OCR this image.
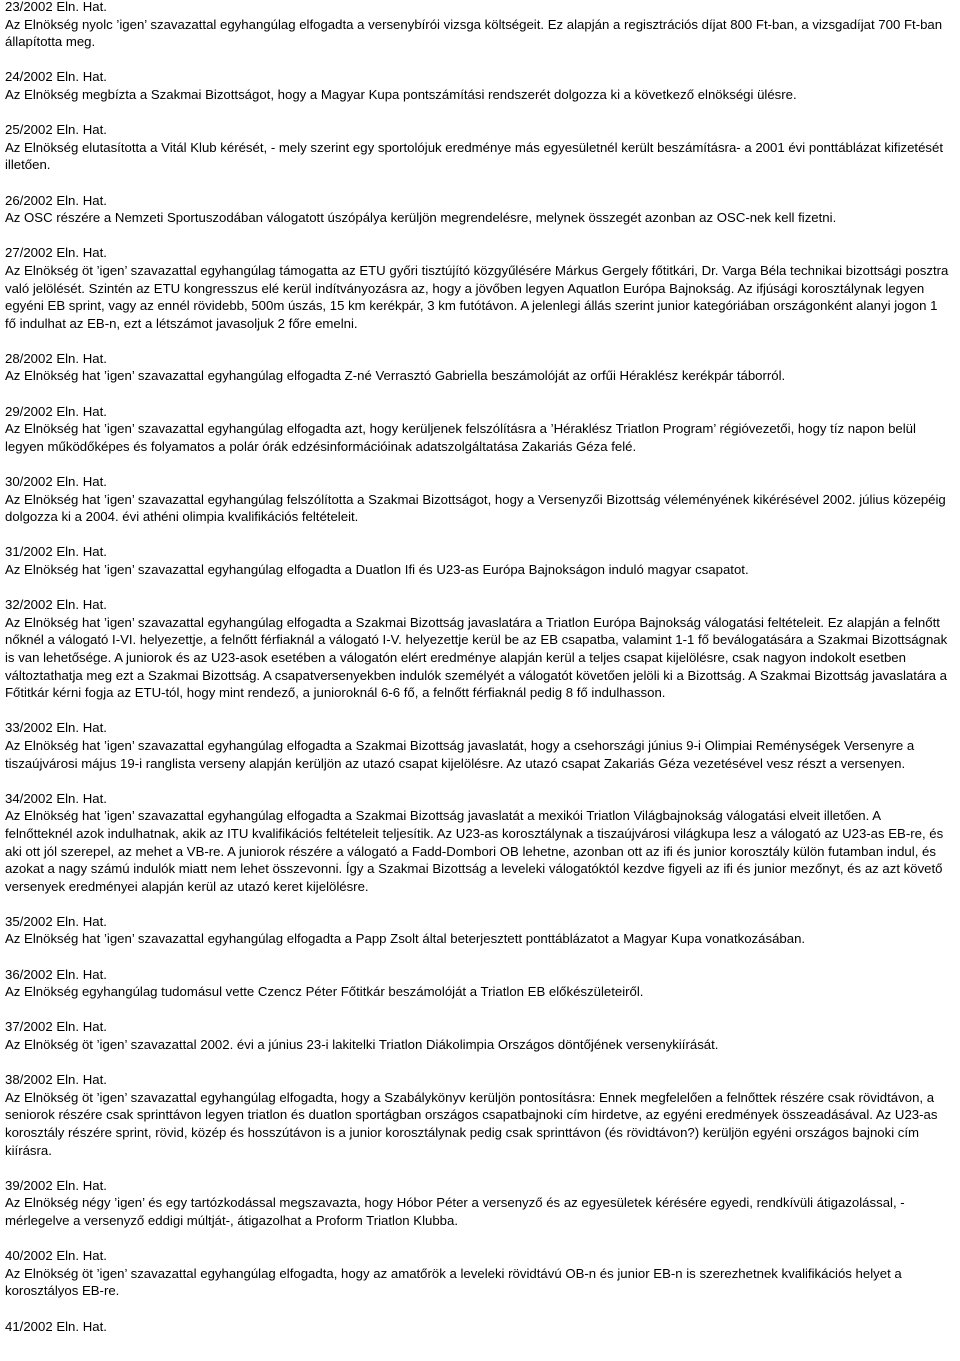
23/2002 Eln. Hat.
Az Elnökség nyolc ’igen’ szavazattal egyhangúlag elfogadta a versenybírói vizsga költségeit. Ez alapján a regisztrációs díjat 800 Ft-ban, a vizsgadíjat 700 Ft-ban állapította meg.
24/2002 Eln. Hat.
Az Elnökség megbízta a Szakmai Bizottságot, hogy a Magyar Kupa pontszámítási rendszerét dolgozza ki a következő elnökségi ülésre.
25/2002 Eln. Hat.
Az Elnökség elutasította a Vitál Klub kérését, - mely szerint egy sportolójuk eredménye más egyesületnél került beszámításra- a 2001 évi ponttáblázat kifizetését illetően.
26/2002 Eln. Hat.
Az OSC részére a Nemzeti Sportuszodában válogatott úszópálya kerüljön megrendelésre, melynek összegét azonban az OSC-nek kell fizetni.
27/2002 Eln. Hat.
Az Elnökség öt ’igen’ szavazattal egyhangúlag támogatta az ETU győri tisztújító közgyűlésére Márkus Gergely főtitkári, Dr. Varga Béla technikai bizottsági posztra való jelölését. Szintén az ETU kongresszus elé kerül indítványozásra az, hogy a jövőben legyen Aquatlon Európa Bajnokság. Az ifjúsági korosztálynak legyen egyéni EB sprint, vagy az ennél rövidebb, 500m úszás, 15 km kerékpár, 3 km futótávon. A jelenlegi állás szerint junior kategóriában országonként alanyi jogon 1 fő indulhat az EB-n, ezt a létszámot javasoljuk 2 főre emelni.
28/2002 Eln. Hat.
Az Elnökség hat ’igen’ szavazattal egyhangúlag elfogadta Z-né Verrasztó Gabriella beszámolóját az orfűi Héraklész kerékpár táborról.
29/2002 Eln. Hat.
Az Elnökség hat ’igen’ szavazattal egyhangúlag elfogadta azt, hogy kerüljenek felszólításra a ’Héraklész Triatlon Program’ régióvezetői, hogy tíz napon belül legyen működőképes és folyamatos a polár órák edzésinformációinak adatszolgáltatása Zakariás Géza felé.
30/2002 Eln. Hat.
Az Elnökség hat ’igen’ szavazattal egyhangúlag felszólította a Szakmai Bizottságot, hogy a Versenyzői Bizottság véleményének kikérésével 2002. július közepéig dolgozza ki a 2004. évi athéni olimpia kvalifikációs feltételeit.
31/2002 Eln. Hat.
Az Elnökség hat ’igen’ szavazattal egyhangúlag elfogadta a Duatlon Ifi és U23-as Európa Bajnokságon induló magyar csapatot.
32/2002 Eln. Hat.
Az Elnökség hat ’igen’ szavazattal egyhangúlag elfogadta a Szakmai Bizottság javaslatára a Triatlon Európa Bajnokság válogatási feltételeit. Ez alapján a felnőtt nőknél a válogató I-VI. helyezettje, a felnőtt férfiaknál a válogató I-V. helyezettje kerül be az EB csapatba, valamint 1-1 fő beválogatására a Szakmai Bizottságnak is van lehetősége. A juniorok és az U23-asok esetében a válogatón elért eredménye alapján kerül a teljes csapat kijelölésre, csak nagyon indokolt esetben változtathatja meg ezt a Szakmai Bizottság. A csapatversenyekben indulók személyét a válogatót követően jelöli ki a Bizottság. A Szakmai Bizottság javaslatára a Főtitkár kérni fogja az ETU-tól, hogy mint rendező, a junioroknál 6-6 fő, a felnőtt férfiaknál pedig 8 fő indulhasson.
33/2002 Eln. Hat.
Az Elnökség hat ’igen’ szavazattal egyhangúlag elfogadta a Szakmai Bizottság javaslatát, hogy a csehországi június 9-i Olimpiai Reménységek Versenyre a tiszaújvárosi május 19-i ranglista verseny alapján kerüljön az utazó csapat kijelölésre. Az utazó csapat Zakariás Géza vezetésével vesz részt a versenyen.
34/2002 Eln. Hat.
Az Elnökség hat ’igen’ szavazattal egyhangúlag elfogadta a Szakmai Bizottság javaslatát a mexikói Triatlon Világbajnokság válogatási elveit illetően. A felnőtteknél azok indulhatnak, akik az ITU kvalifikációs feltételeit teljesítik. Az U23-as korosztálynak a tiszaújvárosi világkupa lesz a válogató az U23-as EB-re, és aki ott jól szerepel, az mehet a VB-re. A juniorok részére a válogató a Fadd-Dombori OB lehetne, azonban ott az ifi és junior korosztály külön futamban indul, és azokat a nagy számú indulók miatt nem lehet összevonni. Így a Szakmai Bizottság a leveleki válogatóktól kezdve figyeli az ifi és junior mezőnyt, és az azt követő versenyek eredményei alapján kerül az utazó keret kijelölésre.
35/2002 Eln. Hat.
Az Elnökség hat ’igen’ szavazattal egyhangúlag elfogadta a Papp Zsolt által beterjesztett ponttáblázatot a Magyar Kupa vonatkozásában.
36/2002 Eln. Hat.
Az Elnökség egyhangúlag tudomásul vette Czencz Péter Főtitkár beszámolóját a Triatlon EB előkészületeiről.
37/2002 Eln. Hat.
Az Elnökség öt ’igen’ szavazattal 2002. évi a június 23-i lakitelki Triatlon Diákolimpia Országos döntőjének versenykiírását.
38/2002 Eln. Hat.
Az Elnökség öt ’igen’ szavazattal egyhangúlag elfogadta, hogy a Szabálykönyv kerüljön pontosításra: Ennek megfelelően a felnőttek részére csak rövidtávon, a seniorok részére csak sprinttávon legyen triatlon és duatlon sportágban országos csapatbajnoki cím hirdetve, az egyéni eredmények összeadásával. Az U23-as korosztály részére sprint, rövid, közép és hosszútávon is a junior korosztálynak pedig csak sprinttávon (és rövidtávon?) kerüljön egyéni országos bajnoki cím kiírásra.
39/2002 Eln. Hat.
Az Elnökség négy ’igen’ és egy tartózkodással megszavazta, hogy Hóbor Péter a versenyző és az egyesületek kérésére egyedi, rendkívüli átigazolással, - mérlegelve a versenyző eddigi múltját-, átigazolhat a Proform Triatlon Klubba.
40/2002 Eln. Hat.
Az Elnökség öt ’igen’ szavazattal egyhangúlag elfogadta, hogy az amatőrök a leveleki rövidtávú OB-n és junior EB-n is szerezhetnek kvalifikációs helyet a korosztályos EB-re.
41/2002 Eln. Hat.
